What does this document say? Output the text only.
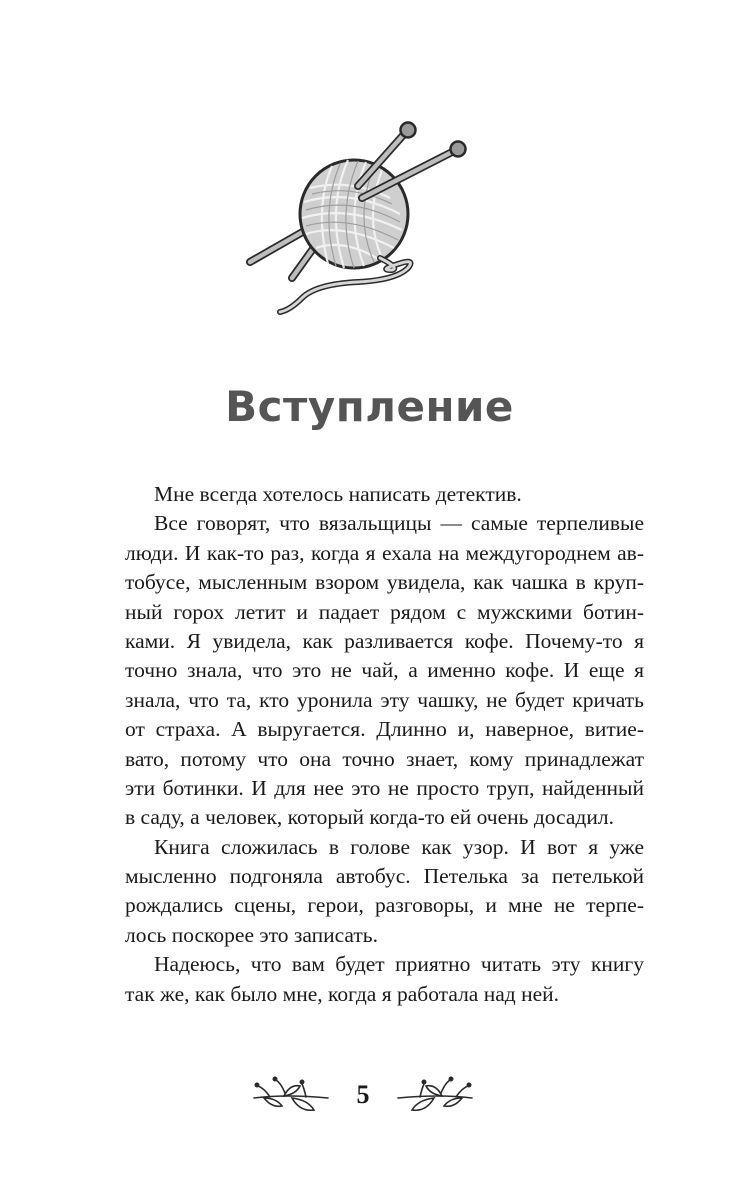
Вступление

Мне всегда хотелось написать детектив.

Все говорят, что вязальщицы — самые терпеливые
люди. И как-то раз, когда я ехала на междугороднем ав-
тобусе, мысленным взором увидела, как чашка в круп-
ный горох летит и падает рядом с мужскими ботин-
ками. Я увидела, как разливается кофе. Почему-то я
точно знала, что это не чай, а именно кофе. И еще я
знала, что та, кто уронила эту чашку, не будет кричать
от страха. А выругается. Длинно и, наверное, витие-
вато, потому что она точно знает, кому принадлежат
эти ботинки. И для нее это не просто труп, найденный
в саду, а человек, который когда-то ей очень досадил.

Книга сложилась в голове как узор. И вот я уже
мысленно подгоняла автобус. Петелька за петелькой
рождались сцены, герои, разговоры, и мне не терпе-
лось поскорее это записать.

Надеюсь, что вам будет приятно читать эту книгу
так же, как было мне, когда я работала над ней.

5
